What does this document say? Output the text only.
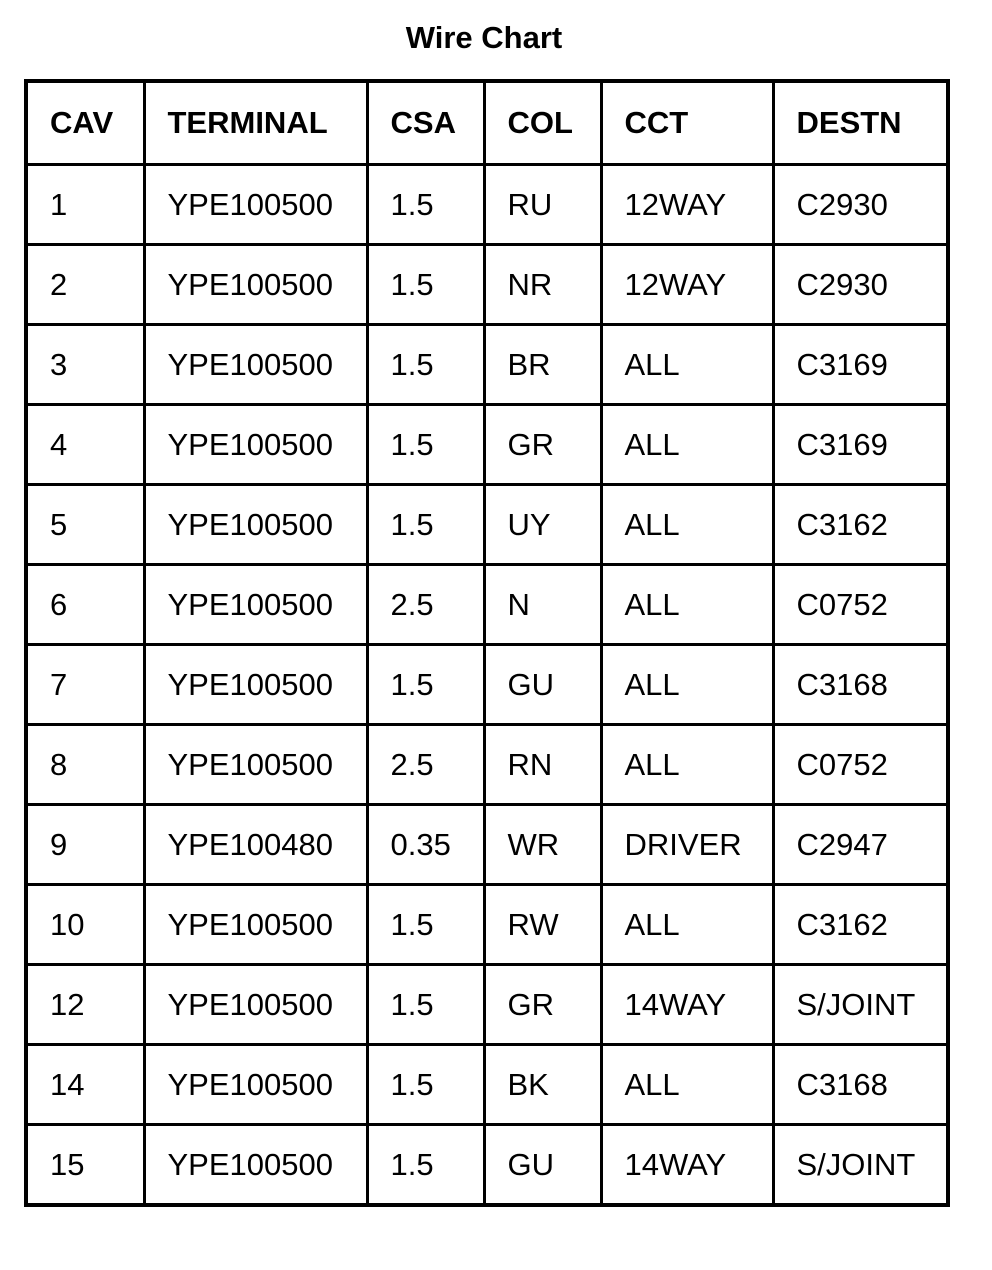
Wire Chart
CAV	TERMINAL	CSA	COL	CCT	DESTN
1	YPE100500	1.5	RU	12WAY	C2930
2	YPE100500	1.5	NR	12WAY	C2930
3	YPE100500	1.5	BR	ALL	C3169
4	YPE100500	1.5	GR	ALL	C3169
5	YPE100500	1.5	UY	ALL	C3162
6	YPE100500	2.5	N	ALL	C0752
7	YPE100500	1.5	GU	ALL	C3168
8	YPE100500	2.5	RN	ALL	C0752
9	YPE100480	0.35	WR	DRIVER	C2947
10	YPE100500	1.5	RW	ALL	C3162
12	YPE100500	1.5	GR	14WAY	S/JOINT
14	YPE100500	1.5	BK	ALL	C3168
15	YPE100500	1.5	GU	14WAY	S/JOINT
